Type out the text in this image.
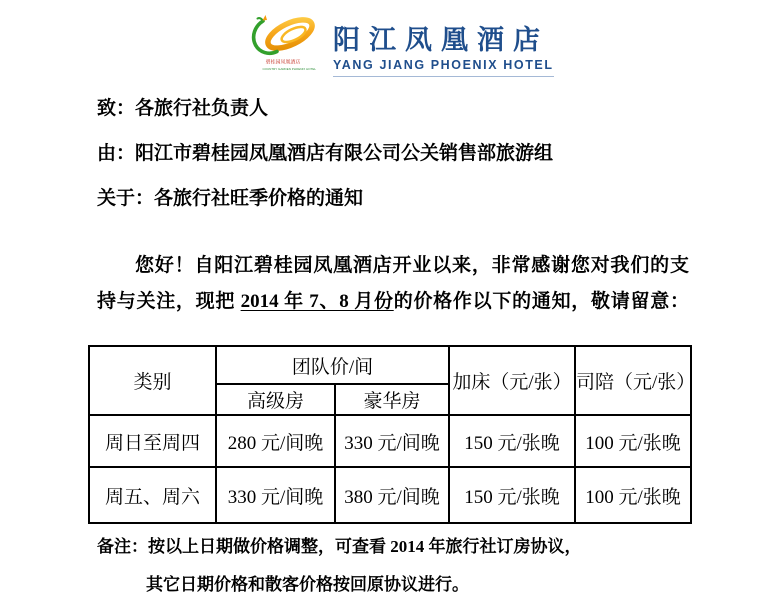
碧桂园凤凰酒店
COUNTRY GARDEN PHOENIX HOTEL
阳江凤凰酒店
YANG JIANG PHOENIX HOTEL

致：各旅行社负责人

由：阳江市碧桂园凤凰酒店有限公司公关销售部旅游组

关于：各旅行社旺季价格的通知

您好！自阳江碧桂园凤凰酒店开业以来，非常感谢您对我们的支
持与关注，现把 2014 年 7、8 月份的价格作以下的通知，敬请留意：
类别	团队价/间		加床（元/张）	司陪（元/张）
	高级房	豪华房		
周日至周四	280 元/间晚	330 元/间晚	150 元/张晚	100 元/张晚
周五、周六	330 元/间晚	380 元/间晚	150 元/张晚	100 元/张晚

备注：按以上日期做价格调整，可查看 2014 年旅行社订房协议，

其它日期价格和散客价格按回原协议进行。
